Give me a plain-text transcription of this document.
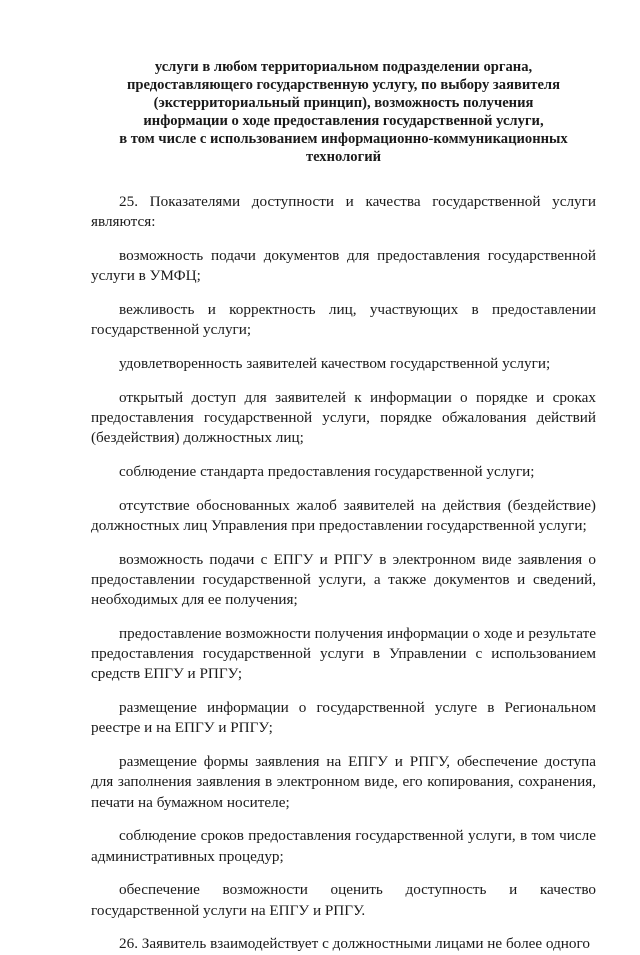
услуги в любом территориальном подразделении органа,
предоставляющего государственную услугу, по выбору заявителя
(экстерриториальный принцип), возможность получения
информации о ходе предоставления государственной услуги,
в том числе с использованием информационно-коммуникационных
технологий

25. Показателями доступности и качества государственной услуги являются:

возможность подачи документов для предоставления государственной услуги в УМФЦ;

вежливость и корректность лиц, участвующих в предоставлении государственной услуги;

удовлетворенность заявителей качеством государственной услуги;

открытый доступ для заявителей к информации о порядке и сроках предоставления государственной услуги, порядке обжалования действий (бездействия) должностных лиц;

соблюдение стандарта предоставления государственной услуги;

отсутствие обоснованных жалоб заявителей на действия (бездействие) должностных лиц Управления при предоставлении государственной услуги;

возможность подачи с ЕПГУ и РПГУ в электронном виде заявления о предоставлении государственной услуги, а также документов и сведений, необходимых для ее получения;

предоставление возможности получения информации о ходе и результате предоставления государственной услуги в Управлении с использованием средств ЕПГУ и РПГУ;

размещение информации о государственной услуге в Региональном реестре и на ЕПГУ и РПГУ;

размещение формы заявления на ЕПГУ и РПГУ, обеспечение доступа для заполнения заявления в электронном виде, его копирования, сохранения, печати на бумажном носителе;

соблюдение сроков предоставления государственной услуги, в том числе административных процедур;

обеспечение возможности оценить доступность и качество государственной услуги на ЕПГУ и РПГУ.

26. Заявитель взаимодействует с должностными лицами не более одного
